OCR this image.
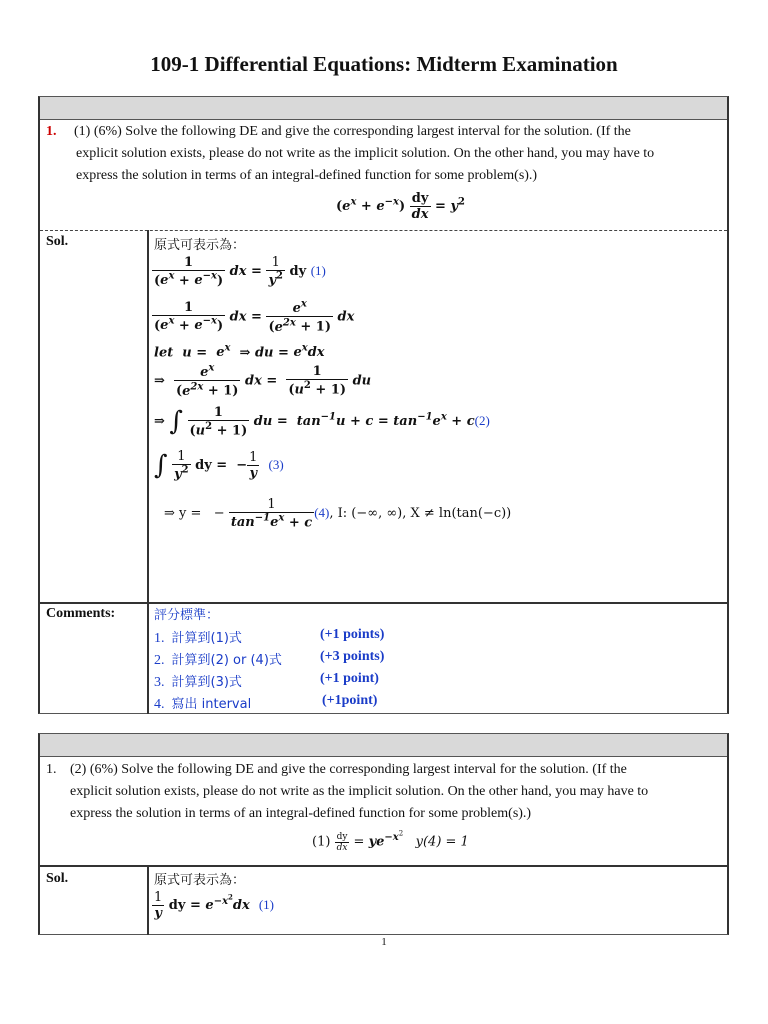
109-1 Differential Equations: Midterm Examination
1. (1) (6%) Solve the following DE and give the corresponding largest interval for the solution. (If the
explicit solution exists, please do not write as the implicit solution. On the other hand, you may have to
express the solution in terms of an integral-defined function for some problem(s).)
$(e^x + e^{-x}) \frac{dy}{dx} = y^2$
Sol.	原式可表示為：
$\frac{1}{(e^x + e^{-x})}$ dx = $\frac{1}{y^2}$ dy (1)
$\frac{1}{(e^x + e^{-x})}$ dx = $\frac{e^x}{(e^{2x} + 1)}$ dx
let $u = e^x$  ⇒ du = $e^xdx$
⇒ $\frac{e^x}{(e^{2x} + 1)}$ dx = $\frac{1}{(u^2 + 1)}$ du
⇒ ∫ $\frac{1}{(u^2 + 1)}$ du =  $\tan^{-1}u + c = \tan^{-1}e^x + c(2)$
∫ $\frac{1}{y^2}$ dy =  − $\frac{1}{y} (3)$
⇒ y =   − $\frac{1}{\tan^{-1}e^x + c} (4)$, I: (−∞, ∞), X ≠ ln(tan(−c))
Comments:	評分標準：
1. 計算到(1)式	(+1 points)
2. 計算到(2) or (4)式	(+3 points)
3. 計算到(3)式	(+1 point)
4. 寫出 interval	(+1point)
1. (2) (6%) Solve the following DE and give the corresponding largest interval for the solution. (If the
explicit solution exists, please do not write as the implicit solution. On the other hand, you may have to
express the solution in terms of an integral-defined function for some problem(s).)
$(1) \frac{dy}{dx} = ye^{-x^2}$   y(4) = 1
Sol.	原式可表示為：
$\frac{1}{y}$ dy = $e^{-x^2}dx$ (1)
1
